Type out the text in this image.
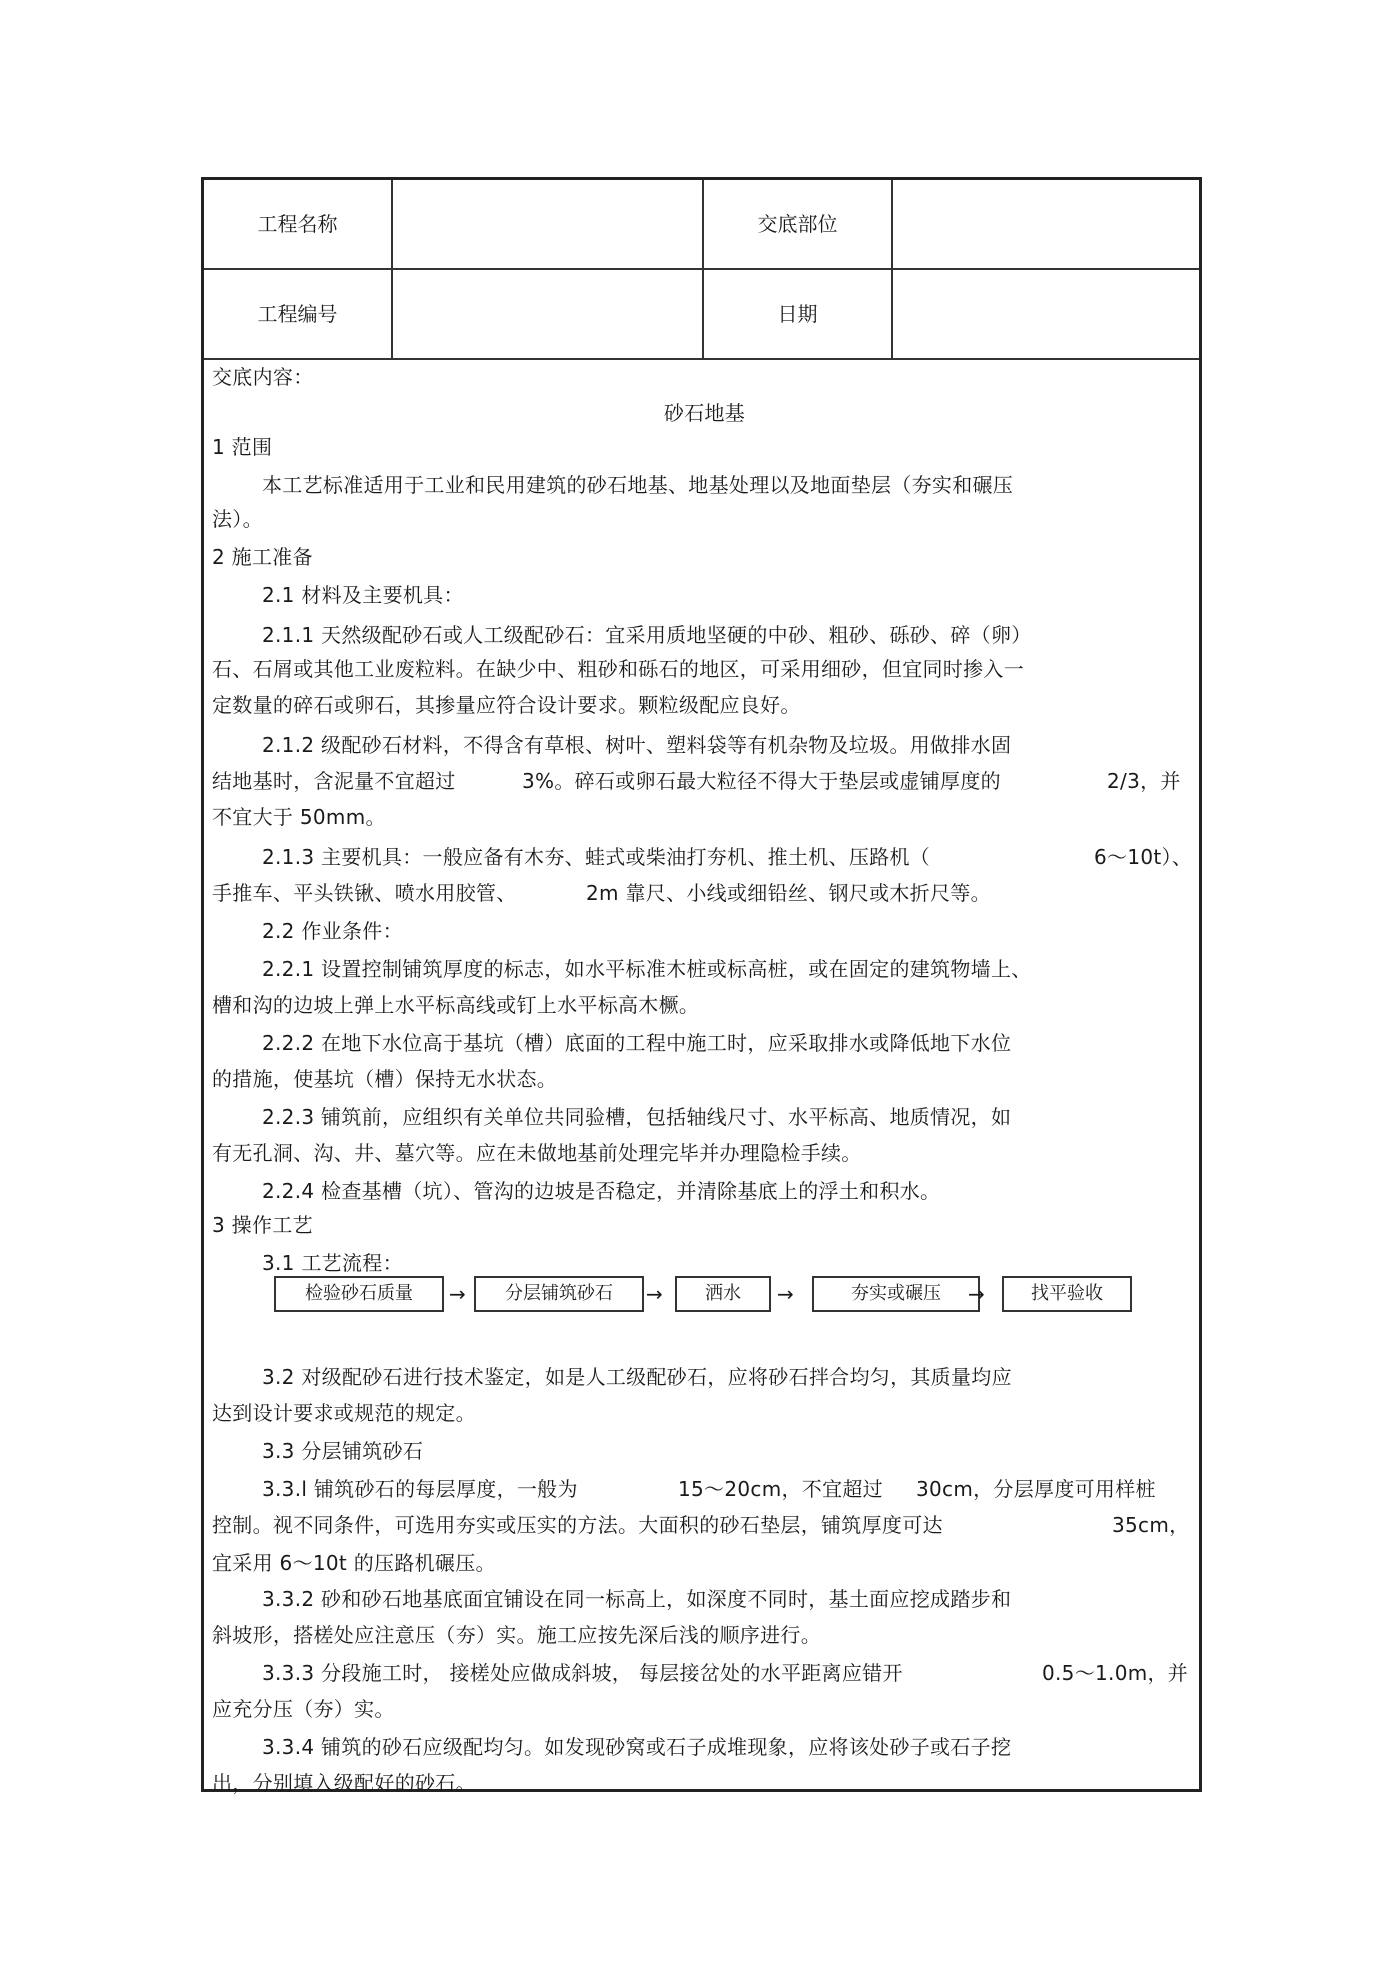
工程名称	交底部位
工程编号	日期
交底内容：
砂石地基
1 范围
本工艺标准适用于工业和民用建筑的砂石地基、地基处理以及地面垫层（夯实和碾压
法）。
2 施工准备
2.1 材料及主要机具：
2.1.1 天然级配砂石或人工级配砂石：宜采用质地坚硬的中砂、粗砂、砾砂、碎（卵）
石、石屑或其他工业废粒料。在缺少中、粗砂和砾石的地区，可采用细砂，但宜同时掺入一
定数量的碎石或卵石，其掺量应符合设计要求。颗粒级配应良好。
2.1.2 级配砂石材料，不得含有草根、树叶、塑料袋等有机杂物及垃圾。用做排水固
结地基时，含泥量不宜超过	3%。碎石或卵石最大粒径不得大于垫层或虚铺厚度的	2/3，并
不宜大于 50mm。
2.1.3 主要机具：一般应备有木夯、蛙式或柴油打夯机、推土机、压路机（	6～10t）、
手推车、平头铁锹、喷水用胶管、	2m 靠尺、小线或细铅丝、钢尺或木折尺等。
2.2 作业条件：
2.2.1 设置控制铺筑厚度的标志，如水平标准木桩或标高桩，或在固定的建筑物墙上、
槽和沟的边坡上弹上水平标高线或钉上水平标高木橛。
2.2.2 在地下水位高于基坑（槽）底面的工程中施工时，应采取排水或降低地下水位
的措施，使基坑（槽）保持无水状态。
2.2.3 铺筑前，应组织有关单位共同验槽，包括轴线尺寸、水平标高、地质情况，如
有无孔洞、沟、井、墓穴等。应在未做地基前处理完毕并办理隐检手续。
2.2.4 检查基槽（坑）、管沟的边坡是否稳定，并清除基底上的浮土和积水。
3 操作工艺
3.1 工艺流程：
检验砂石质量	→	分层铺筑砂石	→	洒水	→	夯实或碾压	→	找平验收
3.2 对级配砂石进行技术鉴定，如是人工级配砂石，应将砂石拌合均匀，其质量均应
达到设计要求或规范的规定。
3.3 分层铺筑砂石
3.3.l 铺筑砂石的每层厚度，一般为	15～20cm，不宜超过 30cm，分层厚度可用样桩
控制。视不同条件，可选用夯实或压实的方法。大面积的砂石垫层，铺筑厚度可达	35cm，
宜采用 6～10t 的压路机碾压。
3.3.2 砂和砂石地基底面宜铺设在同一标高上，如深度不同时，基土面应挖成踏步和
斜坡形，搭槎处应注意压（夯）实。施工应按先深后浅的顺序进行。
3.3.3 分段施工时， 接槎处应做成斜坡， 每层接岔处的水平距离应错开	0.5～1.0m，并
应充分压（夯）实。
3.3.4 铺筑的砂石应级配均匀。如发现砂窝或石子成堆现象，应将该处砂子或石子挖
出，分别填入级配好的砂石。
